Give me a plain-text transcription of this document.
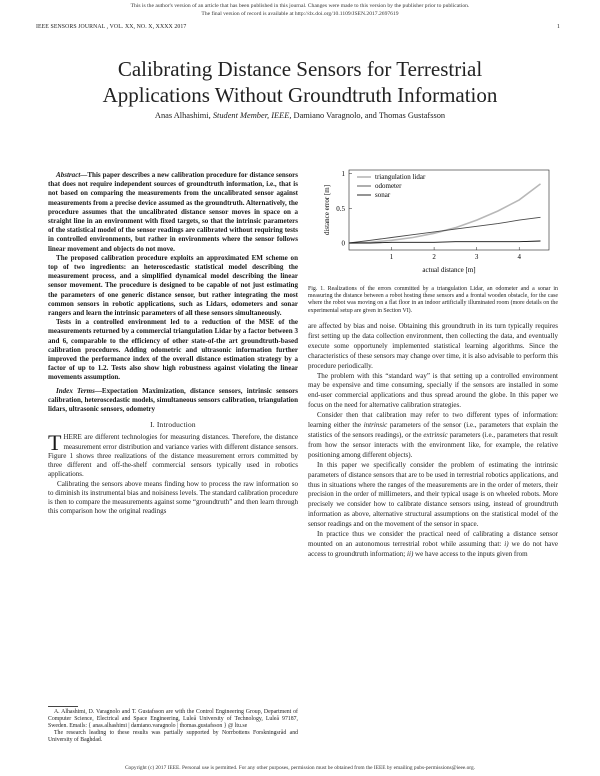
This is the author's version of an article that has been published in this journal. Changes were made to this version by the publisher prior to publication.
The final version of record is available at http://dx.doi.org/10.1109/JSEN.2017.2697619
IEEE SENSORS JOURNAL , VOL. XX, NO. X, XXXX 2017	1
Calibrating Distance Sensors for Terrestrial
Applications Without Groundtruth Information
Anas Alhashimi, Student Member, IEEE, Damiano Varagnolo, and Thomas Gustafsson

Abstract—This paper describes a new calibration procedure for distance sensors that does not require independent sources of groundtruth information, i.e., that is not based on comparing the measurements from the uncalibrated sensor against measurements from a precise device assumed as the groundtruth. Alternatively, the procedure assumes that the uncalibrated distance sensor moves in space on a straight line in an environment with fixed targets, so that the intrinsic parameters of the statistical model of the sensor readings are calibrated without requiring tests in controlled environments, but rather in environments where the sensor follows linear movement and objects do not move.

The proposed calibration procedure exploits an approximated EM scheme on top of two ingredients: an heteroscedastic statistical model describing the measurement process, and a simplified dynamical model describing the linear sensor movement. The procedure is designed to be capable of not just estimating the parameters of one generic distance sensor, but rather integrating the most common sensors in robotic applications, such as Lidars, odometers and sonar rangers and learn the intrinsic parameters of all these sensors simultaneously.

Tests in a controlled environment led to a reduction of the MSE of the measurements returned by a commercial triangulation Lidar by a factor between 3 and 6, comparable to the efficiency of other state-of-the art groundtruth-based calibration procedures. Adding odometric and ultrasonic information further improved the performance index of the overall distance estimation strategy by a factor of up to 1.2. Tests also show high robustness against violating the linear movements assumption.

Index Terms—Expectation Maximization, distance sensors, intrinsic sensors calibration, heteroscedastic models, simultaneous sensors calibration, triangulation lidars, ultrasonic sensors, odometry

I. Introduction

THERE are different technologies for measuring distances. Therefore, the distance measurement error distribution and variance varies with different distance sensors. Figure 1 shows three realizations of the distance measurement errors committed by three different and off-the-shelf commercial sensors typically used in robotics applications.

Calibrating the sensors above means finding how to process the raw information so to diminish its instrumental bias and noisiness levels. The standard calibration procedure is then to compare the measurements against some “groundtruth” and then learn through this comparison how the original readings

A. Alhashimi, D. Varagnolo and T. Gustafsson are with the Control Engineering Group, Department of Computer Science, Electrical and Space Engineering, Luleå University of Technology, Luleå 97187, Sweden. Emails: { anas.alhashimi | damiano.varagnolo | thomas.gustafsson } @ ltu.se

The research leading to these results was partially supported by Norrbottens Forskningsråd and University of Baghdad.

1	2	3	4
0
0.5
1	triangulation lidar
odometer
sonar
actual distance [m]
distance error [m]
Fig. 1. Realizations of the errors committed by a triangulation Lidar, an odometer and a sonar in measuring the distance between a robot hosting these sensors and a frontal wooden obstacle, for the case where the robot was moving on a flat floor in an indoor artificially illuminated room (more details on the experimental setup are given in Section VI).

are affected by bias and noise. Obtaining this groundtruth in its turn typically requires first setting up the data collection environment, then collecting the data, and eventually execute some opportunely implemented statistical learning algorithms. Since the characteristics of these sensors may change over time, it is also advisable to perform this procedure periodically.

The problem with this “standard way” is that setting up a controlled environment may be expensive and time consuming, specially if the sensors are installed in some end-user commercial applications and thus spread around the globe. In this paper we focus on the need for alternative calibration strategies.

Consider then that calibration may refer to two different types of information: learning either the intrinsic parameters of the sensor (i.e., parameters that explain the statistics of the sensors readings), or the extrinsic parameters (i.e., parameters that result from how the sensor interacts with the environment like, for example, the relative positioning among different objects).

In this paper we specifically consider the problem of estimating the intrinsic parameters of distance sensors that are to be used in terrestrial robotics applications, and thus in situations where the ranges of the measurements are in the order of meters, their precision in the order of millimeters, and their typical usage is on wheeled robots. More precisely we consider how to calibrate distance sensors using, instead of groundtruth information as above, alternative structural assumptions on the statistical model of the sensor readings and on the movement of the sensor in space.

In practice thus we consider the practical need of calibrating a distance sensor mounted on an autonomous terrestrial robot while assuming that: i) we do not have access to groundtruth information; ii) we have access to the inputs given from

Copyright (c) 2017 IEEE. Personal use is permitted. For any other purposes, permission must be obtained from the IEEE by emailing pubs-permissions@ieee.org.
